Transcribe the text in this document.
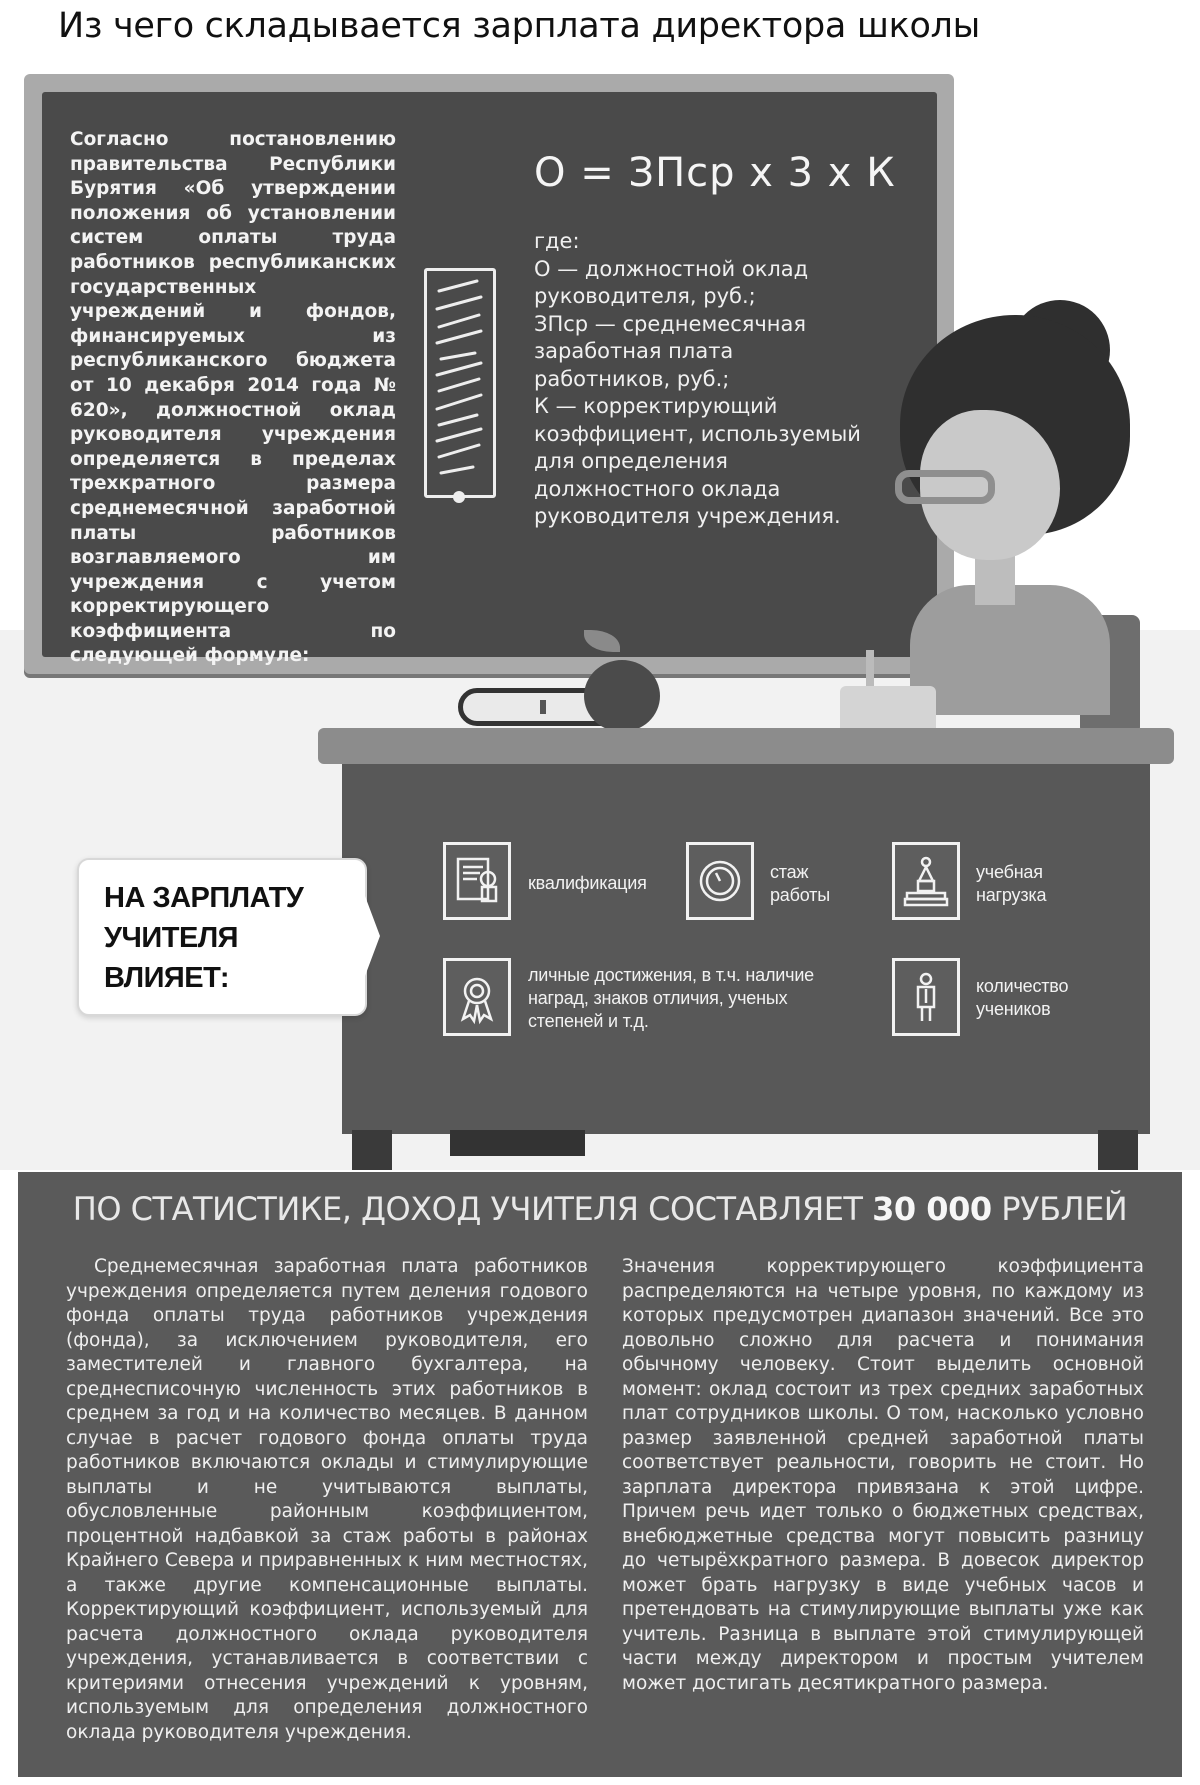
Из чего складывается зарплата директора школы
Согласно постановлению правительства Республики Бурятия «Об утверждении положения об установлении систем оплаты труда работников республиканских государственных учреждений и фондов, финансируемых из республиканского бюджета от 10 декабря 2014 года № 620», должностной оклад руководителя учреждения определяется в пределах трехкратного размера среднемесячной заработной платы работников возглавляемого им учреждения с учетом корректирующего коэффициента по следующей формуле:
О = ЗПср х 3 х К
где:
О — должностной оклад руководителя, руб.;
ЗПср — среднемесячная заработная плата работников, руб.;
К — корректирующий коэффициент, используемый для определения должностного оклада руководителя учреждения.
НА ЗАРПЛАТУ УЧИТЕЛЯ ВЛИЯЕТ:
квалификация
стаж работы
учебная нагрузка
личные достижения, в т.ч. наличие наград, знаков отличия, ученых степеней и т.д.
количество учеников
ПО СТАТИСТИКЕ, ДОХОД УЧИТЕЛЯ СОСТАВЛЯЕТ 30 000 РУБЛЕЙ
Среднемесячная заработная плата работников учреждения определяется путем деления годового фонда оплаты труда работников учреждения (фонда), за исключением руководителя, его заместителей и главного бухгалтера, на среднесписочную численность этих работников в среднем за год и на количество месяцев. В данном случае в расчет годового фонда оплаты труда работников включаются оклады и стимулирующие выплаты и не учитываются выплаты, обусловленные районным коэффициентом, процентной надбавкой за стаж работы в районах Крайнего Севера и приравненных к ним местностях, а также другие компенсационные выплаты. Корректирующий коэффициент, используемый для расчета должностного оклада руководителя учреждения, устанавливается в соответствии с критериями отнесения учреждений к уровням, используемым для определения должностного оклада руководителя учреждения.
Значения корректирующего коэффициента распределяются на четыре уровня, по каждому из которых предусмотрен диапазон значений. Все это довольно сложно для расчета и понимания обычному человеку. Стоит выделить основной момент: оклад состоит из трех средних заработных плат сотрудников школы. О том, насколько условно размер заявленной средней заработной платы соответствует реальности, говорить не стоит. Но зарплата директора привязана к этой цифре. Причем речь идет только о бюджетных средствах, внебюджетные средства могут повысить разницу до четырёхкратного размера. В довесок директор может брать нагрузку в виде учебных часов и претендовать на стимулирующие выплаты уже как учитель. Разница в выплате этой стимулирующей части между директором и простым учителем может достигать десятикратного размера.
